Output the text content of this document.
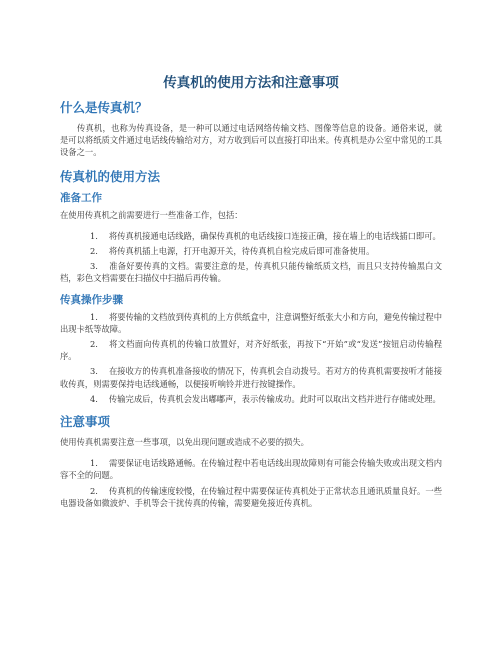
传真机的使用方法和注意事项
什么是传真机？

传真机，也称为传真设备，是一种可以通过电话网络传输文档、图像等信息的设备。通俗来说，就是可以将纸质文件通过电话线传输给对方，对方收到后可以直接打印出来。传真机是办公室中常见的工具设备之一。

传真机的使用方法
准备工作

在使用传真机之前需要进行一些准备工作，包括：

1. 将传真机接通电话线路，确保传真机的电话线接口连接正确，接在墙上的电话线插口即可。
2. 将传真机插上电源，打开电源开关，待传真机自检完成后即可准备使用。
3. 准备好要传真的文档。需要注意的是，传真机只能传输纸质文档，而且只支持传输黑白文档，彩色文档需要在扫描仪中扫描后再传输。
传真操作步骤
1. 将要传输的文档放到传真机的上方供纸盒中，注意调整好纸张大小和方向，避免传输过程中出现卡纸等故障。
2. 将文档面向传真机的传输口放置好，对齐好纸张，再按下“开始”或“发送”按钮启动传输程序。
3. 在接收方的传真机准备接收的情况下，传真机会自动拨号。若对方的传真机需要按听才能接收传真，则需要保持电话线通畅，以便接听响铃并进行按键操作。
4. 传输完成后，传真机会发出嘟嘟声，表示传输成功。此时可以取出文档并进行存储或处理。
注意事项

使用传真机需要注意一些事项，以免出现问题或造成不必要的损失。

1. 需要保证电话线路通畅。在传输过程中若电话线出现故障则有可能会传输失败或出现文档内容不全的问题。
2. 传真机的传输速度较慢，在传输过程中需要保证传真机处于正常状态且通讯质量良好。一些电器设备如微波炉、手机等会干扰传真的传输，需要避免接近传真机。
